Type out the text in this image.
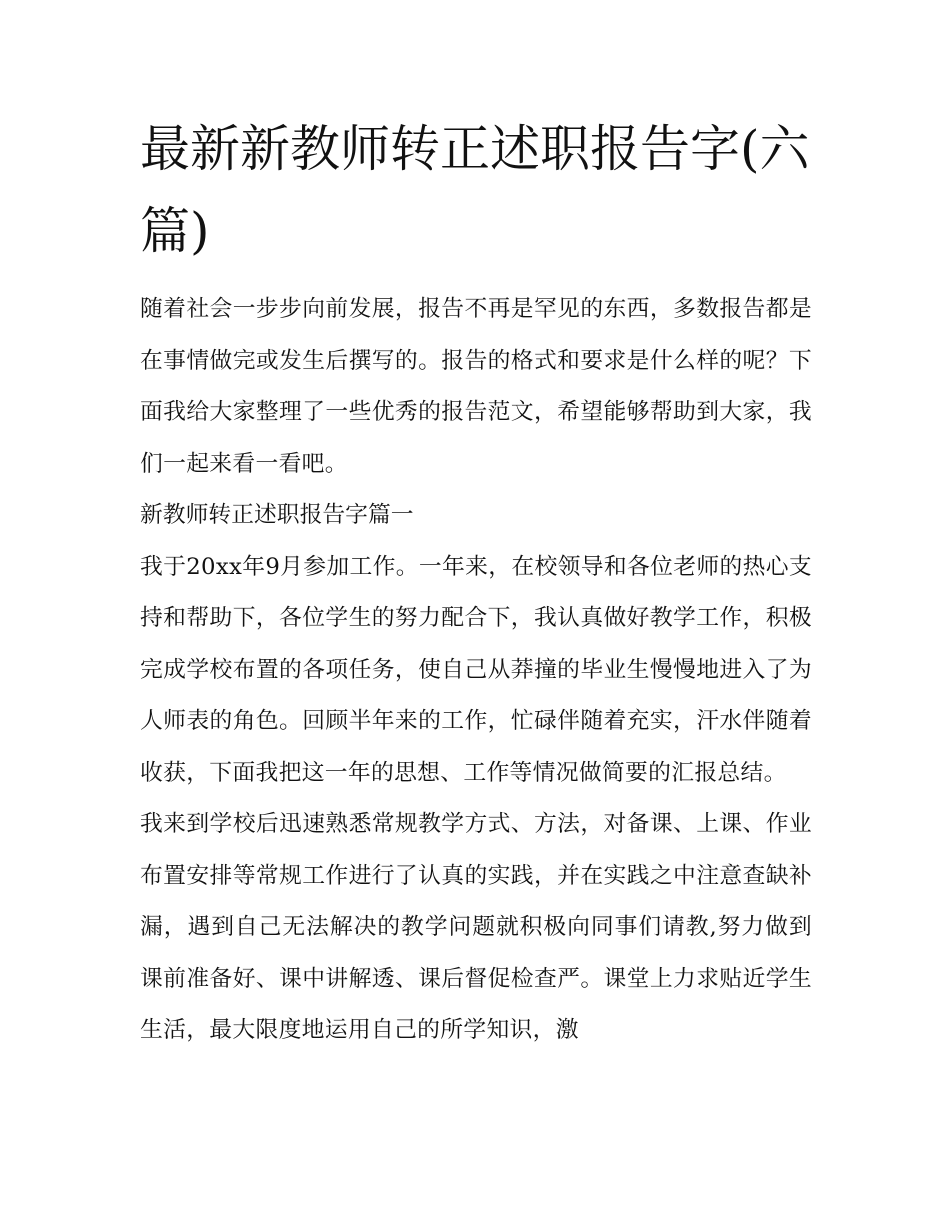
最新新教师转正述职报告字(六篇)

随着社会一步步向前发展，报告不再是罕见的东西，多数报告都是在事情做完或发生后撰写的。报告的格式和要求是什么样的呢？下面我给大家整理了一些优秀的报告范文，希望能够帮助到大家，我们一起来看一看吧。

新教师转正述职报告字篇一

我于20xx年9月参加工作。一年来，在校领导和各位老师的热心支持和帮助下，各位学生的努力配合下，我认真做好教学工作，积极完成学校布置的各项任务，使自己从莽撞的毕业生慢慢地进入了为人师表的角色。回顾半年来的工作，忙碌伴随着充实，汗水伴随着收获，下面我把这一年的思想、工作等情况做简要的汇报总结。

我来到学校后迅速熟悉常规教学方式、方法，对备课、上课、作业布置安排等常规工作进行了认真的实践，并在实践之中注意查缺补漏，遇到自己无法解决的教学问题就积极向同事们请教,努力做到课前准备好、课中讲解透、课后督促检查严。课堂上力求贴近学生生活，最大限度地运用自己的所学知识，激
